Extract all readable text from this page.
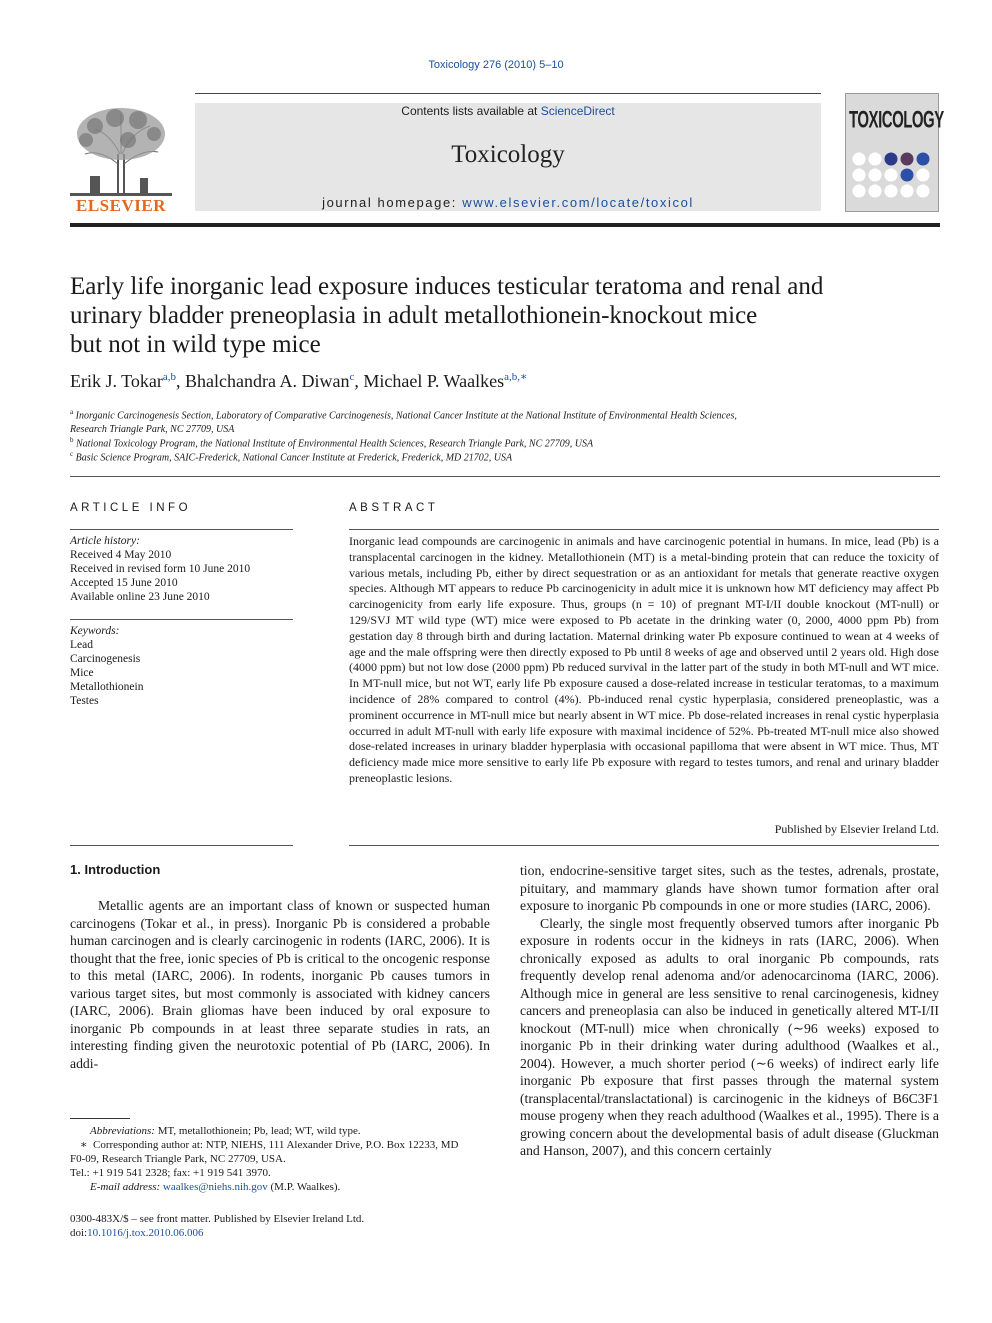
Toxicology 276 (2010) 5–10
ELSEVIER
Contents lists available at ScienceDirect
Toxicology
journal homepage: www.elsevier.com/locate/toxicol
TOXICOLOGY
Early life inorganic lead exposure induces testicular teratoma and renal and
urinary bladder preneoplasia in adult metallothionein-knockout mice
but not in wild type mice
Erik J. Tokar$^{a,b}$, Bhalchandra A. Diwan$^c$, Michael P. Waalkes$^{a,b,∗}$
$^a$ Inorganic Carcinogenesis Section, Laboratory of Comparative Carcinogenesis, National Cancer Institute at the National Institute of Environmental Health Sciences,
Research Triangle Park, NC 27709, USA
$^b$ National Toxicology Program, the National Institute of Environmental Health Sciences, Research Triangle Park, NC 27709, USA
$^c$ Basic Science Program, SAIC-Frederick, National Cancer Institute at Frederick, Frederick, MD 21702, USA
ARTICLE INFO
Article history:
Received 4 May 2010
Received in revised form 10 June 2010
Accepted 15 June 2010
Available online 23 June 2010
Keywords:
Lead
Carcinogenesis
Mice
Metallothionein
Testes
ABSTRACT
Inorganic lead compounds are carcinogenic in animals and have carcinogenic potential in humans. In mice, lead (Pb) is a transplacental carcinogen in the kidney. Metallothionein (MT) is a metal-binding protein that can reduce the toxicity of various metals, including Pb, either by direct sequestration or as an antioxidant for metals that generate reactive oxygen species. Although MT appears to reduce Pb carcinogenicity in adult mice it is unknown how MT deficiency may affect Pb carcinogenicity from early life exposure. Thus, groups (n = 10) of pregnant MT-I/II double knockout (MT-null) or 129/SVJ MT wild type (WT) mice were exposed to Pb acetate in the drinking water (0, 2000, 4000 ppm Pb) from gestation day 8 through birth and during lactation. Maternal drinking water Pb exposure continued to wean at 4 weeks of age and the male offspring were then directly exposed to Pb until 8 weeks of age and observed until 2 years old. High dose (4000 ppm) but not low dose (2000 ppm) Pb reduced survival in the latter part of the study in both MT-null and WT mice. In MT-null mice, but not WT, early life Pb exposure caused a dose-related increase in testicular teratomas, to a maximum incidence of 28% compared to control (4%). Pb-induced renal cystic hyperplasia, considered preneoplastic, was a prominent occurrence in MT-null mice but nearly absent in WT mice. Pb dose-related increases in renal cystic hyperplasia occurred in adult MT-null with early life exposure with maximal incidence of 52%. Pb-treated MT-null mice also showed dose-related increases in urinary bladder hyperplasia with occasional papilloma that were absent in WT mice. Thus, MT deficiency made mice more sensitive to early life Pb exposure with regard to testes tumors, and renal and urinary bladder preneoplastic lesions.
Published by Elsevier Ireland Ltd.
1. Introduction
Metallic agents are an important class of known or suspected human carcinogens (Tokar et al., in press). Inorganic Pb is considered a probable human carcinogen and is clearly carcinogenic in rodents (IARC, 2006). It is thought that the free, ionic species of Pb is critical to the oncogenic response to this metal (IARC, 2006). In rodents, inorganic Pb causes tumors in various target sites, but most commonly is associated with kidney cancers (IARC, 2006). Brain gliomas have been induced by oral exposure to inorganic Pb compounds in at least three separate studies in rats, an interesting finding given the neurotoxic potential of Pb (IARC, 2006). In addi-

tion, endocrine-sensitive target sites, such as the testes, adrenals, prostate, pituitary, and mammary glands have shown tumor formation after oral exposure to inorganic Pb compounds in one or more studies (IARC, 2006).

Clearly, the single most frequently observed tumors after inorganic Pb exposure in rodents occur in the kidneys in rats (IARC, 2006). When chronically exposed as adults to oral inorganic Pb compounds, rats frequently develop renal adenoma and/or adenocarcinoma (IARC, 2006). Although mice in general are less sensitive to renal carcinogenesis, kidney cancers and preneoplasia can also be induced in genetically altered MT-I/II knockout (MT-null) mice when chronically (∼96 weeks) exposed to inorganic Pb in their drinking water during adulthood (Waalkes et al., 2004). However, a much shorter period (∼6 weeks) of indirect early life inorganic Pb exposure that first passes through the maternal system (transplacental/translactational) is carcinogenic in the kidneys of B6C3F1 mouse progeny when they reach adulthood (Waalkes et al., 1995). There is a growing concern about the developmental basis of adult disease (Gluckman and Hanson, 2007), and this concern certainly

Abbreviations: MT, metallothionein; Pb, lead; WT, wild type.
∗ Corresponding author at: NTP, NIEHS, 111 Alexander Drive, P.O. Box 12233, MD
F0-09, Research Triangle Park, NC 27709, USA.
Tel.: +1 919 541 2328; fax: +1 919 541 3970.
E-mail address: waalkes@niehs.nih.gov (M.P. Waalkes).
0300-483X/$ – see front matter. Published by Elsevier Ireland Ltd.
doi:10.1016/j.tox.2010.06.006
